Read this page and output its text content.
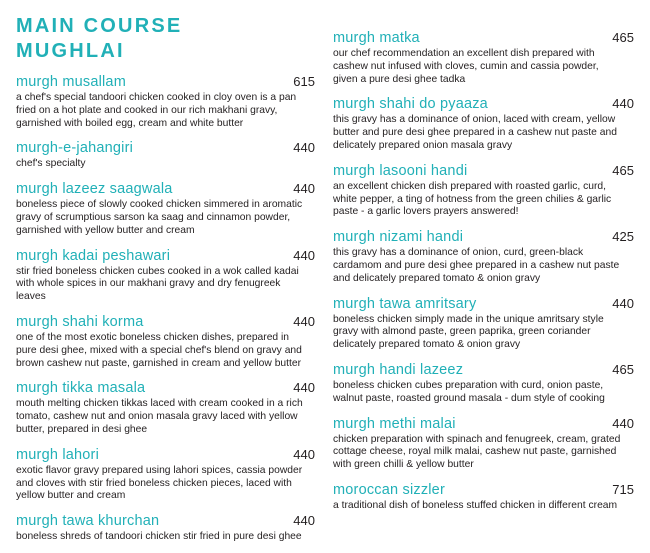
MAIN COURSE
MUGHLAI
murgh musallam	615
a chef's special tandoori chicken cooked in cloy oven is a pan fried on a hot plate and cooked in our rich makhani gravy, garnished with boiled egg, cream and white butter
murgh-e-jahangiri	440
chef's specialty
murgh lazeez saagwala	440
boneless piece of slowly cooked chicken simmered in aromatic gravy of scrumptious sarson ka saag and cinnamon powder, garnished with yellow butter and cream
murgh kadai peshawari	440
stir fried boneless chicken cubes cooked in a wok called kadai with whole spices in our makhani gravy and dry fenugreek leaves
murgh shahi korma	440
one of the most exotic boneless chicken dishes, prepared in pure desi ghee, mixed with a special chef's blend on gravy and brown cashew nut paste, garnished in cream and yellow butter
murgh tikka masala	440
mouth melting chicken tikkas laced with cream cooked in a rich tomato, cashew nut and onion masala gravy laced with yellow butter, prepared in desi ghee
murgh lahori	440
exotic flavor gravy prepared using lahori spices, cassia powder and cloves with stir fried boneless chicken pieces, laced with yellow butter and cream
murgh tawa khurchan	440
boneless shreds of tandoori chicken stir fried in pure desi ghee
murgh matka	465
our chef recommendation an excellent dish prepared with cashew nut infused with cloves, cumin and cassia powder, given a pure desi ghee tadka
murgh shahi do pyaaza	440
this gravy has a dominance of onion, laced with cream, yellow butter and pure desi ghee prepared in a cashew nut paste and delicately prepared onion masala gravy
murgh lasooni handi	465
an excellent chicken dish prepared with roasted garlic, curd, white pepper, a ting of hotness from the green chilies & garlic paste - a garlic lovers prayers answered!
murgh nizami handi	425
this gravy has a dominance of onion, curd, green-black cardamom and pure desi ghee prepared in a cashew nut paste and delicately prepared tomato & onion gravy
murgh tawa amritsary	440
boneless chicken simply made in the unique amritsary style gravy with almond paste, green paprika, green coriander delicately prepared tomato & onion gravy
murgh handi lazeez	465
boneless chicken cubes preparation with curd, onion paste, walnut paste, roasted ground masala - dum style of cooking
murgh methi malai	440
chicken preparation with spinach and fenugreek, cream, grated cottage cheese, royal milk malai, cashew nut paste, garnished with green chilli & yellow butter
moroccan sizzler	715
a traditional dish of boneless stuffed chicken in different cream
